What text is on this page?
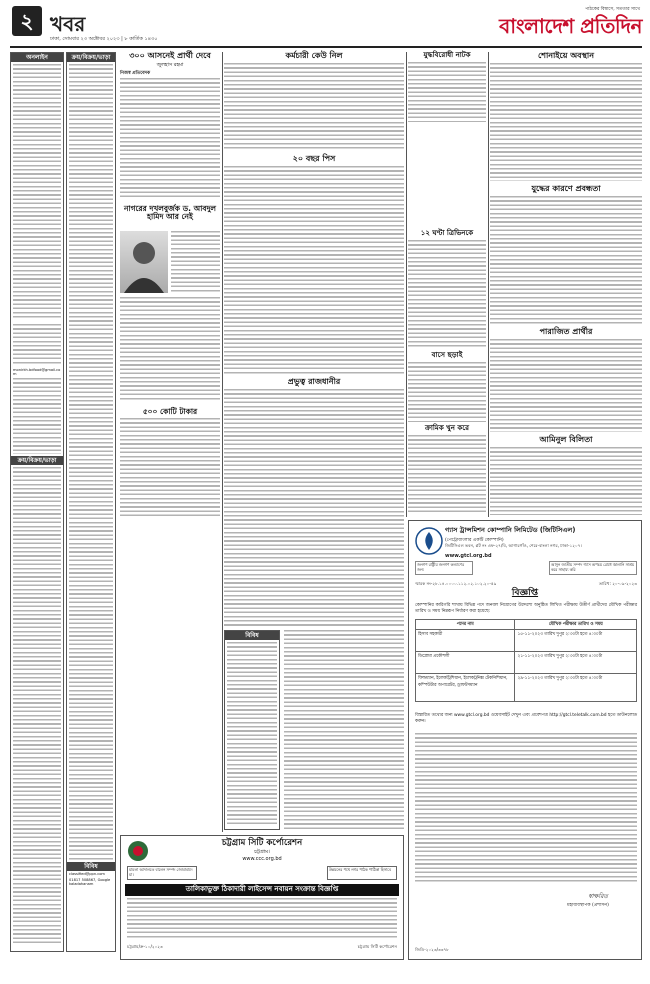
২ খবর
পাঠকের বিশ্বাসে, সততার সাথে
বাংলাদেশ প্রতিদিন
ঢাকা, সোমবার ২৩ অক্টোবর ২০২৩ | ৮ কার্তিক ১৪৩০
অনলাইন
monirkh.bdfood@gmail.com
ক্রয়/বিক্রয়/ভাড়া
ক্রয়/বিক্রয়/ভাড়া
বিবিধ
classified@ppn.com
01817 508867, Google kaladahanam
৩০০ আসনেই প্রার্থী দেবে
জুলহাস রহমা
নিজস্ব প্রতিবেদক
নাগরের দখলবুর্জক ড. আবদুল হামিদ আর নেই
৫০০ কোটি টাকার
কর্মচারী কেউ নিল
২০ বছর পিস
প্রভুত্ব রাজধানীর
বিবিধ
যুদ্ধবিরোধী নাটক
১২ ঘণ্টা ত্রিভিনকে
বাসে ছড়াই
ক্রামিক খুন করে
শোনাইয়ে অবস্থান
যুদ্ধের কারণে প্রবন্ধতা
পারাজিত প্রার্থীর
আমিনুল বিলিতা
গ্যাস ট্রান্সমিশন কোম্পানি লিমিটেড (জিটিসিএল)
(পেট্রোবাংলার একটি কোম্পানি)
জিটিসিএল ভবন, প্লট নং এফ-২৭/বি, আগারগাঁও, শেরে-বাংলা নগর, ঢাকা-১২০৭।
www.gtcl.org.bd
জনগণ রাষ্ট্রীয় জনগণ কল্যাণের জন্য
আসুন জাতীয় সম্পদ গ্যাস অপচয় রোধে জ্বালানি সাশ্রয় করে সাহায্য করি
স্মারক নং-২৮.১৪.০০০০.১১২.০২.১০২.২০-৫৯	তারিখ: ২০-০৯-২০২৩
বিজ্ঞপ্তি
কোম্পানির কারিগরি শাখায় বিভিন্ন পদে জনবল নিয়োগের উদ্দেশ্যে অনুষ্ঠিত লিখিত পরীক্ষায় উত্তীর্ণ প্রার্থীদের মৌখিক পরীক্ষার তারিখ ও সময় নিম্নরূপ নির্ধারণ করা হয়েছে:
পদের নাম	মৌখিক পরীক্ষার তারিখ ও সময়
হিসাব সহকারী	১৫-১১-২০২৩ তারিখ দুপুর ২:৩০টা হতে ৪:৩০টা
ডিপ্লোমা প্রকৌশলী	২১-১১-২০২৩ তারিখ দুপুর ২:৩০টা হতে ৪:৩০টা
ফিল্ডম্যান, ইলেকট্রিশিয়ান, ইলেকট্রনিক্স টেকনিশিয়ান, কম্পিউটার অপারেটর, ড্রাফটসম্যান	২৯-১১-২০২৩ তারিখ দুপুর ২:৩০টা হতে ৪:৩০টা
বিস্তারিত তথ্যের জন্য www.gtcl.org.bd ওয়েবসাইট দেখুন এবং প্রবেশপত্র http://gtcl.teletalk.com.bd হতে ডাউনলোড করুন।
স্বাক্ষরিত
মহাব্যবস্থাপক (প্রশাসন)
জিডি-২০২৩/৩৩৭৮
চট্টগ্রাম সিটি কর্পোরেশন
চট্টগ্রাম।
www.ccc.org.bd
মামলা আদালতে বালেন সম্পদ জোবাবাদে মা।
উন্নয়নের পথে নগর পাঠক পাঠিকা হিসাবে
তালিকাভুক্ত ঠিকাদারী লাইসেন্স নবায়ন সংক্রান্ত বিজ্ঞপ্তি
চট্টগ্রাম/ক্র-১০/২০২৩	চট্টগ্রাম সিটি কর্পোরেশন
